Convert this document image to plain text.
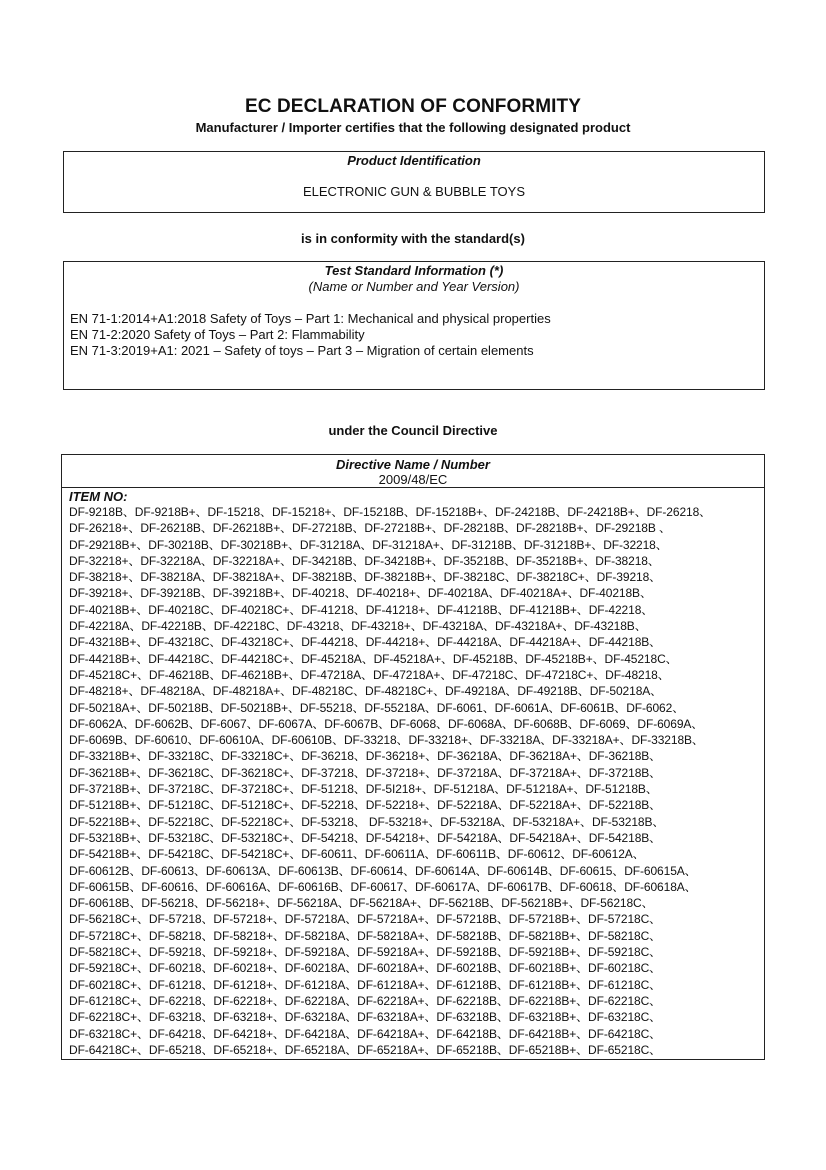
EC DECLARATION OF CONFORMITY
Manufacturer / Importer certifies that the following designated product
Product Identification
ELECTRONIC GUN & BUBBLE TOYS
is in conformity with the standard(s)
Test Standard Information (*)
(Name or Number and Year Version)
EN 71-1:2014+A1:2018 Safety of Toys – Part 1: Mechanical and physical properties
EN 71-2:2020 Safety of Toys – Part 2: Flammability
EN 71-3:2019+A1: 2021 – Safety of toys – Part 3 – Migration of certain elements
under the Council Directive
Directive Name / Number
2009/48/EC
ITEM NO:
DF-9218B、DF-9218B+、DF-15218、DF-15218+、DF-15218B、DF-15218B+、DF-24218B、DF-24218B+、DF-26218、
DF-26218+、DF-26218B、DF-26218B+、DF-27218B、DF-27218B+、DF-28218B、DF-28218B+、DF-29218B 、
DF-29218B+、DF-30218B、DF-30218B+、DF-31218A、DF-31218A+、DF-31218B、DF-31218B+、DF-32218、
DF-32218+、DF-32218A、DF-32218A+、DF-34218B、DF-34218B+、DF-35218B、DF-35218B+、DF-38218、
DF-38218+、DF-38218A、DF-38218A+、DF-38218B、DF-38218B+、DF-38218C、DF-38218C+、DF-39218、
DF-39218+、DF-39218B、DF-39218B+、DF-40218、DF-40218+、DF-40218A、DF-40218A+、DF-40218B、
DF-40218B+、DF-40218C、DF-40218C+、DF-41218、DF-41218+、DF-41218B、DF-41218B+、DF-42218、
DF-42218A、DF-42218B、DF-42218C、DF-43218、DF-43218+、DF-43218A、DF-43218A+、DF-43218B、
DF-43218B+、DF-43218C、DF-43218C+、DF-44218、DF-44218+、DF-44218A、DF-44218A+、DF-44218B、
DF-44218B+、DF-44218C、DF-44218C+、DF-45218A、DF-45218A+、DF-45218B、DF-45218B+、DF-45218C、
DF-45218C+、DF-46218B、DF-46218B+、DF-47218A、DF-47218A+、DF-47218C、DF-47218C+、DF-48218、
DF-48218+、DF-48218A、DF-48218A+、DF-48218C、DF-48218C+、DF-49218A、DF-49218B、DF-50218A、
DF-50218A+、DF-50218B、DF-50218B+、DF-55218、DF-55218A、DF-6061、DF-6061A、DF-6061B、DF-6062、
DF-6062A、DF-6062B、DF-6067、DF-6067A、DF-6067B、DF-6068、DF-6068A、DF-6068B、DF-6069、DF-6069A、
DF-6069B、DF-60610、DF-60610A、DF-60610B、DF-33218、DF-33218+、DF-33218A、DF-33218A+、DF-33218B、
DF-33218B+、DF-33218C、DF-33218C+、DF-36218、DF-36218+、DF-36218A、DF-36218A+、DF-36218B、
DF-36218B+、DF-36218C、DF-36218C+、DF-37218、DF-37218+、DF-37218A、DF-37218A+、DF-37218B、
DF-37218B+、DF-37218C、DF-37218C+、DF-51218、DF-5I218+、DF-51218A、DF-51218A+、DF-51218B、
DF-51218B+、DF-51218C、DF-51218C+、DF-52218、DF-52218+、DF-52218A、DF-52218A+、DF-52218B、
DF-52218B+、DF-52218C、DF-52218C+、DF-53218、 DF-53218+、DF-53218A、DF-53218A+、DF-53218B、
DF-53218B+、DF-53218C、DF-53218C+、DF-54218、DF-54218+、DF-54218A、DF-54218A+、DF-54218B、
DF-54218B+、DF-54218C、DF-54218C+、DF-60611、DF-60611A、DF-60611B、DF-60612、DF-60612A、
DF-60612B、DF-60613、DF-60613A、DF-60613B、DF-60614、DF-60614A、DF-60614B、DF-60615、DF-60615A、
DF-60615B、DF-60616、DF-60616A、DF-60616B、DF-60617、DF-60617A、DF-60617B、DF-60618、DF-60618A、
DF-60618B、DF-56218、DF-56218+、DF-56218A、DF-56218A+、DF-56218B、DF-56218B+、DF-56218C、
DF-56218C+、DF-57218、DF-57218+、DF-57218A、DF-57218A+、DF-57218B、DF-57218B+、DF-57218C、
DF-57218C+、DF-58218、DF-58218+、DF-58218A、DF-58218A+、DF-58218B、DF-58218B+、DF-58218C、
DF-58218C+、DF-59218、DF-59218+、DF-59218A、DF-59218A+、DF-59218B、DF-59218B+、DF-59218C、
DF-59218C+、DF-60218、DF-60218+、DF-60218A、DF-60218A+、DF-60218B、DF-60218B+、DF-60218C、
DF-60218C+、DF-61218、DF-61218+、DF-61218A、DF-61218A+、DF-61218B、DF-61218B+、DF-61218C、
DF-61218C+、DF-62218、DF-62218+、DF-62218A、DF-62218A+、DF-62218B、DF-62218B+、DF-62218C、
DF-62218C+、DF-63218、DF-63218+、DF-63218A、DF-63218A+、DF-63218B、DF-63218B+、DF-63218C、
DF-63218C+、DF-64218、DF-64218+、DF-64218A、DF-64218A+、DF-64218B、DF-64218B+、DF-64218C、
DF-64218C+、DF-65218、DF-65218+、DF-65218A、DF-65218A+、DF-65218B、DF-65218B+、DF-65218C、
